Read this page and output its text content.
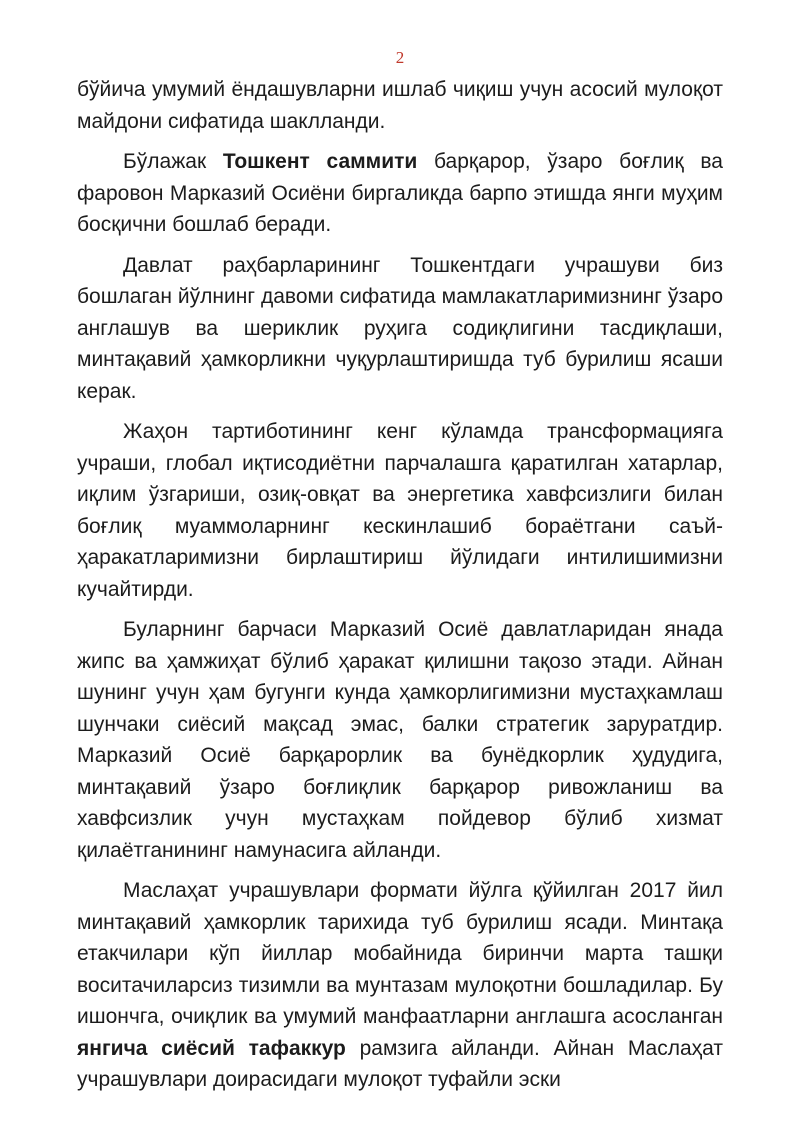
2

бўйича умумий ёндашувларни ишлаб чиқиш учун асосий мулоқот майдони сифатида шаклланди.

Бўлажак Тошкент саммити барқарор, ўзаро боғлиқ ва фаровон Марказий Осиёни биргаликда барпо этишда янги муҳим босқични бошлаб беради.

Давлат раҳбарларининг Тошкентдаги учрашуви биз бошлаган йўлнинг давоми сифатида мамлакатларимизнинг ўзаро англашув ва шериклик руҳига содиқлигини тасдиқлаши, минтақавий ҳамкорликни чуқурлаштиришда туб бурилиш ясаши керак.

Жаҳон тартиботининг кенг кўламда трансформацияга учраши, глобал иқтисодиётни парчалашга қаратилган хатарлар, иқлим ўзгариши, озиқ-овқат ва энергетика хавфсизлиги билан боғлиқ муаммоларнинг кескинлашиб бораётгани саъй-ҳаракатларимизни бирлаштириш йўлидаги интилишимизни кучайтирди.

Буларнинг барчаси Марказий Осиё давлатларидан янада жипс ва ҳамжиҳат бўлиб ҳаракат қилишни тақозо этади. Айнан шунинг учун ҳам бугунги кунда ҳамкорлигимизни мустаҳкамлаш шунчаки сиёсий мақсад эмас, балки стратегик заруратдир. Марказий Осиё барқарорлик ва бунёдкорлик ҳудудига, минтақавий ўзаро боғлиқлик барқарор ривожланиш ва хавфсизлик учун мустаҳкам пойдевор бўлиб хизмат қилаётганининг намунасига айланди.

Маслаҳат учрашувлари формати йўлга қўйилган 2017 йил минтақавий ҳамкорлик тарихида туб бурилиш ясади. Минтақа етакчилари кўп йиллар мобайнида биринчи марта ташқи воситачиларсиз тизимли ва мунтазам мулоқотни бошладилар. Бу ишончга, очиқлик ва умумий манфаатларни англашга асосланган янгича сиёсий тафаккур рамзига айланди. Айнан Маслаҳат учрашувлари доирасидаги мулоқот туфайли эски
